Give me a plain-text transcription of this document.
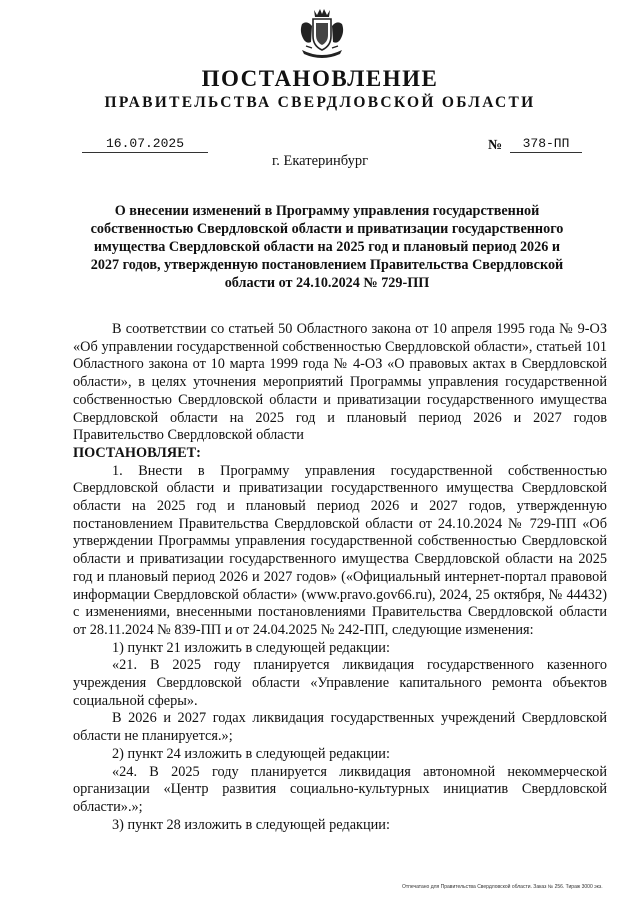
ПОСТАНОВЛЕНИЕ
ПРАВИТЕЛЬСТВА СВЕРДЛОВСКОЙ ОБЛАСТИ
16.07.2025	№	378-ПП
г. Екатеринбург
О внесении изменений в Программу управления государственной собственностью Свердловской области и приватизации государственного имущества Свердловской области на 2025 год и плановый период 2026 и 2027 годов, утвержденную постановлением Правительства Свердловской области от 24.10.2024 № 729-ПП

В соответствии со статьей 50 Областного закона от 10 апреля 1995 года № 9-ОЗ «Об управлении государственной собственностью Свердловской области», статьей 101 Областного закона от 10 марта 1999 года № 4-ОЗ «О правовых актах в Свердловской области», в целях уточнения мероприятий Программы управления государственной собственностью Свердловской области и приватизации государственного имущества Свердловской области на 2025 год и плановый период 2026 и 2027 годов Правительство Свердловской области

ПОСТАНОВЛЯЕТ:

1. Внести в Программу управления государственной собственностью Свердловской области и приватизации государственного имущества Свердловской области на 2025 год и плановый период 2026 и 2027 годов, утвержденную постановлением Правительства Свердловской области от 24.10.2024 № 729-ПП «Об утверждении Программы управления государственной собственностью Свердловской области и приватизации государственного имущества Свердловской области на 2025 год и плановый период 2026 и 2027 годов» («Официальный интернет-портал правовой информации Свердловской области» (www.pravo.gov66.ru), 2024, 25 октября, № 44432) с изменениями, внесенными постановлениями Правительства Свердловской области от 28.11.2024 № 839-ПП и от 24.04.2025 № 242-ПП, следующие изменения:

1) пункт 21 изложить в следующей редакции:

«21. В 2025 году планируется ликвидация государственного казенного учреждения Свердловской области «Управление капитального ремонта объектов социальной сферы».

В 2026 и 2027 годах ликвидация государственных учреждений Свердловской области не планируется.»;

2) пункт 24 изложить в следующей редакции:

«24. В 2025 году планируется ликвидация автономной некоммерческой организации «Центр развития социально-культурных инициатив Свердловской области».»;

3) пункт 28 изложить в следующей редакции:

Отпечатано для Правительства Свердловской области. Заказ № 256. Тираж 3000 экз.
